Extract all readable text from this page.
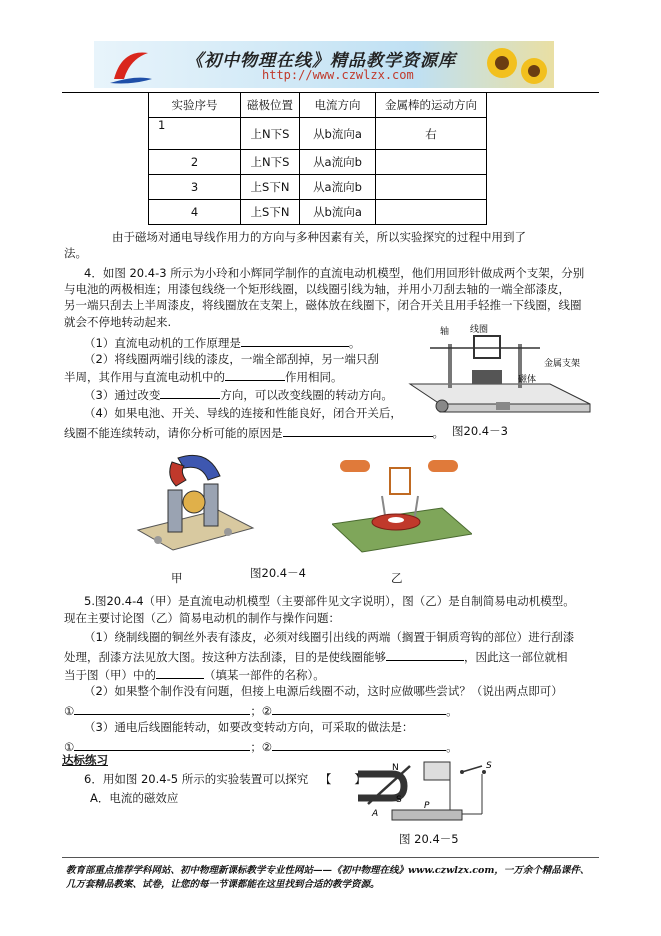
《初中物理在线》精品教学资源库
http://www.czwlzx.com
实验序号	磁极位置	电流方向	金属棒的运动方向
1	上N下S	从b流向a	右
2	上N下S	从a流向b	
3	上S下N	从a流向b	
4	上S下N	从b流向a	
由于磁场对通电导线作用力的方向与多种因素有关，所以实验探究的过程中用到了
法。
4．如图 20.4-3 所示为小玲和小辉同学制作的直流电动机模型，他们用回形针做成两个支架，分别
与电池的两极相连；用漆包线绕一个矩形线圈，以线圈引线为轴，并用小刀刮去轴的一端全部漆皮，
另一端只刮去上半周漆皮，将线圈放在支架上，磁体放在线圈下，闭合开关且用手轻推一下线圈，线圈
就会不停地转动起来.
（1）直流电动机的工作原理是	。
（2）将线圈两端引线的漆皮，一端全部刮掉，另一端只刮
半周，其作用与直流电动机中的	作用相同。
（3）通过改变	方向，可以改变线圈的转动方向。
（4）如果电池、开关、导线的连接和性能良好，闭合开关后，
线圈不能连续转动，请你分析可能的原因是	。 图20.4－3
轴 线圈
金属支架
磁体
图20.4－4
甲	乙
5.图20.4-4（甲）是直流电动机模型（主要部件见文字说明），图（乙）是自制简易电动机模型。
现在主要讨论图（乙）简易电动机的制作与操作问题：
（1）绕制线圈的铜丝外表有漆皮，必须对线圈引出线的两端（搁置于铜质弯钩的部位）进行刮漆
处理，刮漆方法见放大图。按这种方法刮漆，目的是使线圈能够	，因此这一部位就相
当于图（甲）中的	（填某一部件的名称）。
（2）如果整个制作没有问题，但接上电源后线圈不动，这时应做哪些尝试？（说出两点即可）
①	；②	。
（3）通电后线圈能转动，如要改变转动方向，可采取的做法是：
①	；②	。
达标练习
6．用如图 20.4-5 所示的实验装置可以探究 【　　】
A．电流的磁效应
N
A
S
P
S
图 20.4－5
教育部重点推荐学科网站、初中物理新课标教学专业性网站——《初中物理在线》www.czwlzx.com，一万余个精品课件、
几万套精品教案、试卷，让您的每一节课都能在这里找到合适的教学资源。
